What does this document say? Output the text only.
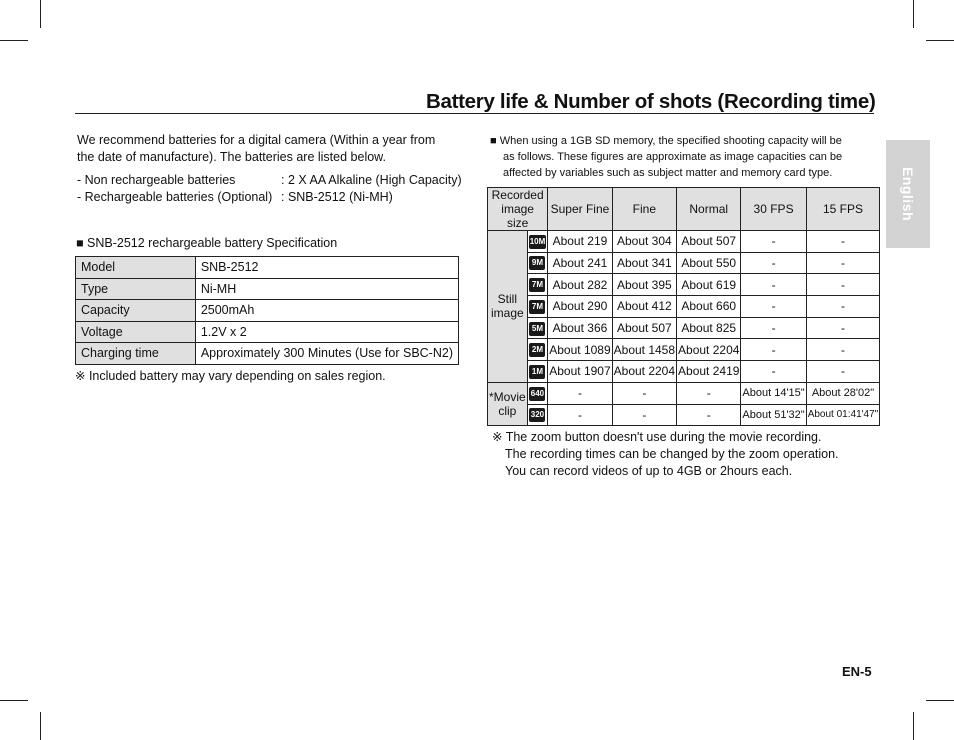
Battery life & Number of shots (Recording time)
English
We recommend batteries for a digital camera (Within a year from
the date of manufacture). The batteries are listed below.
- Non rechargeable batteries	: 2 X AA Alkaline (High Capacity)
- Rechargeable batteries (Optional) : SNB-2512 (Ni-MH)
■ SNB-2512 rechargeable battery Specification
Model	SNB-2512
Type	Ni-MH
Capacity	2500mAh
Voltage	1.2V x 2
Charging time	Approximately 300 Minutes (Use for SBC-N2)
※ Included battery may vary depending on sales region.
■ When using a 1GB SD memory, the specified shooting capacity will be
as follows. These figures are approximate as image capacities can be
affected by variables such as subject matter and memory card type.
Recorded image size		Super Fine	Fine	Normal	30 FPS	15 FPS
Still image	10M	About 219	About 304	About 507	-	-
	9M	About 241	About 341	About 550	-	-
	7M	About 282	About 395	About 619	-	-
	7M	About 290	About 412	About 660	-	-
	5M	About 366	About 507	About 825	-	-
	2M	About 1089	About 1458	About 2204	-	-
	1M	About 1907	About 2204	About 2419	-	-
*Movie clip	640	-	-	-	About 14'15"	About 28'02"
	320	-	-	-	About 51'32"	About 01:41'47"
※ The zoom button doesn't use during the movie recording.
The recording times can be changed by the zoom operation.
You can record videos of up to 4GB or 2hours each.
EN-5
